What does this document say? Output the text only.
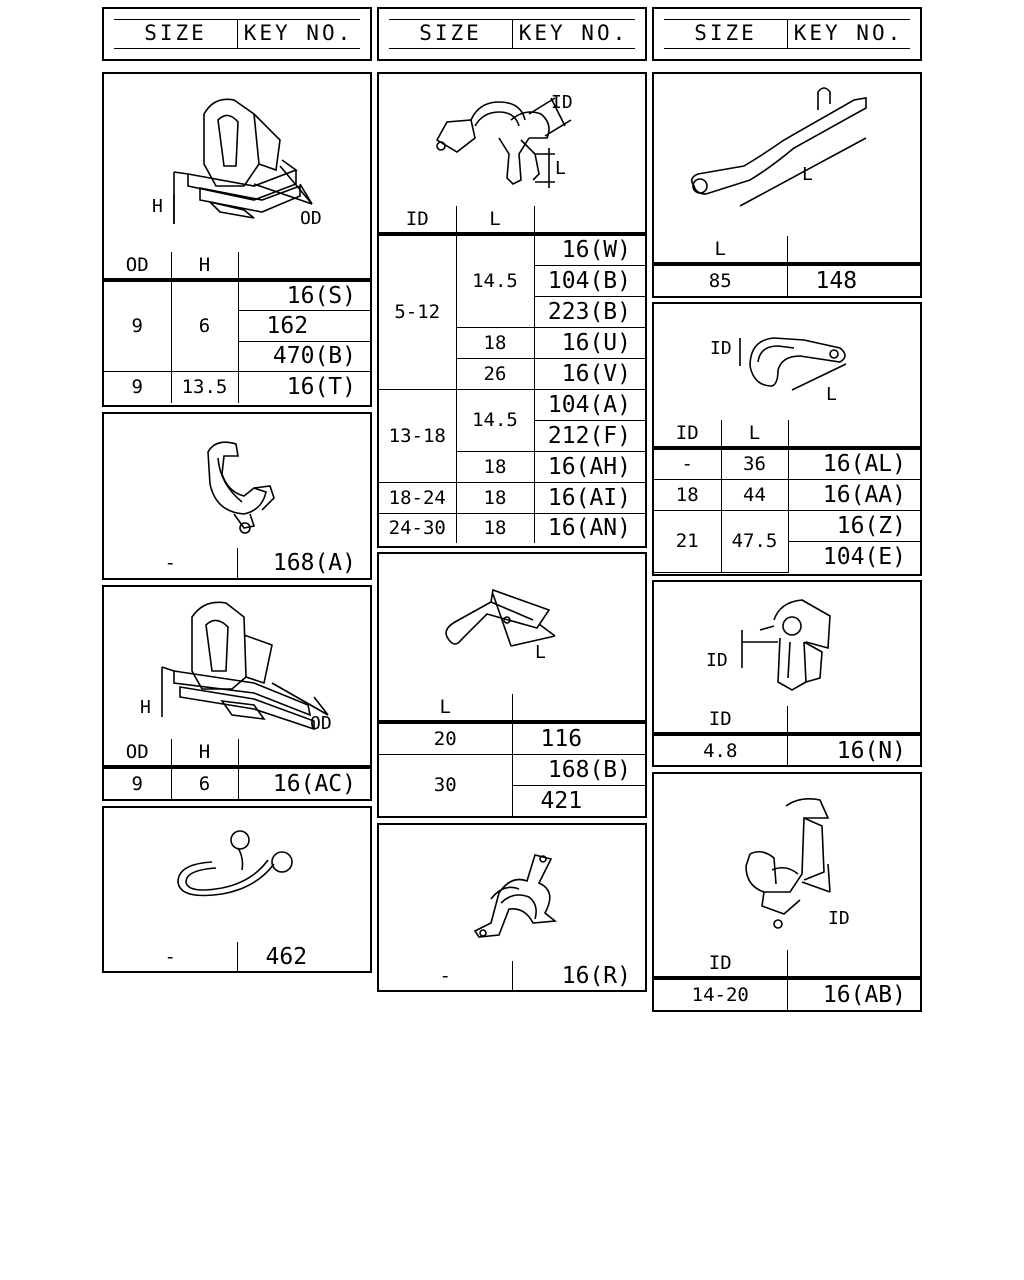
SIZE	KEY NO.	SIZE	KEY NO.	SIZE	KEY NO.
H
OD
OD	H	
9	6	16(S)
		162
		470(B)
9	13.5	16(T)
-	168(A)
H
OD
OD	H	
9	6	16(AC)
-	462
ID
L
ID	L	
5-12	14.5	16(W)
		104(B)
		223(B)
	18	16(U)
	26	16(V)
13-18	14.5	104(A)
		212(F)
	18	16(AH)
18-24	18	16(AI)
24-30	18	16(AN)
L
L	
20	116
30	168(B)
	421
-	16(R)
L
L	
85	148
ID
L
ID	L	
-	36	16(AL)
18	44	16(AA)
21	47.5	16(Z)
		104(E)
ID
ID	
4.8	16(N)
ID
ID	
14-20	16(AB)
